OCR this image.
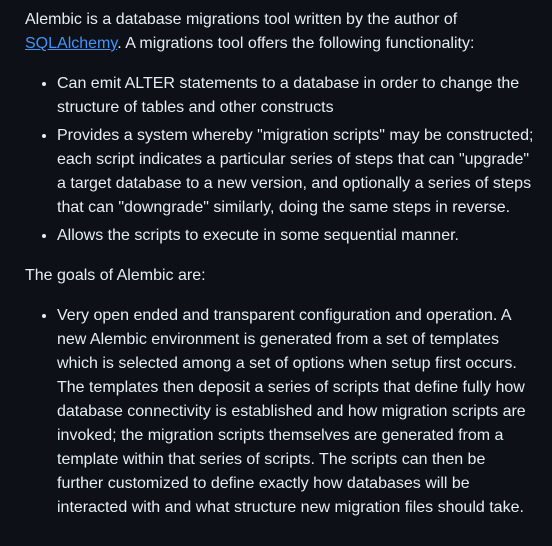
Alembic is a database migrations tool written by the author of SQLAlchemy. A migrations tool offers the following functionality:

• Can emit ALTER statements to a database in order to change the structure of tables and other constructs
• Provides a system whereby "migration scripts" may be constructed; each script indicates a particular series of steps that can "upgrade" a target database to a new version, and optionally a series of steps that can "downgrade" similarly, doing the same steps in reverse.
• Allows the scripts to execute in some sequential manner.

The goals of Alembic are:

• Very open ended and transparent configuration and operation. A new Alembic environment is generated from a set of templates which is selected among a set of options when setup first occurs. The templates then deposit a series of scripts that define fully how database connectivity is established and how migration scripts are invoked; the migration scripts themselves are generated from a template within that series of scripts. The scripts can then be further customized to define exactly how databases will be interacted with and what structure new migration files should take.
